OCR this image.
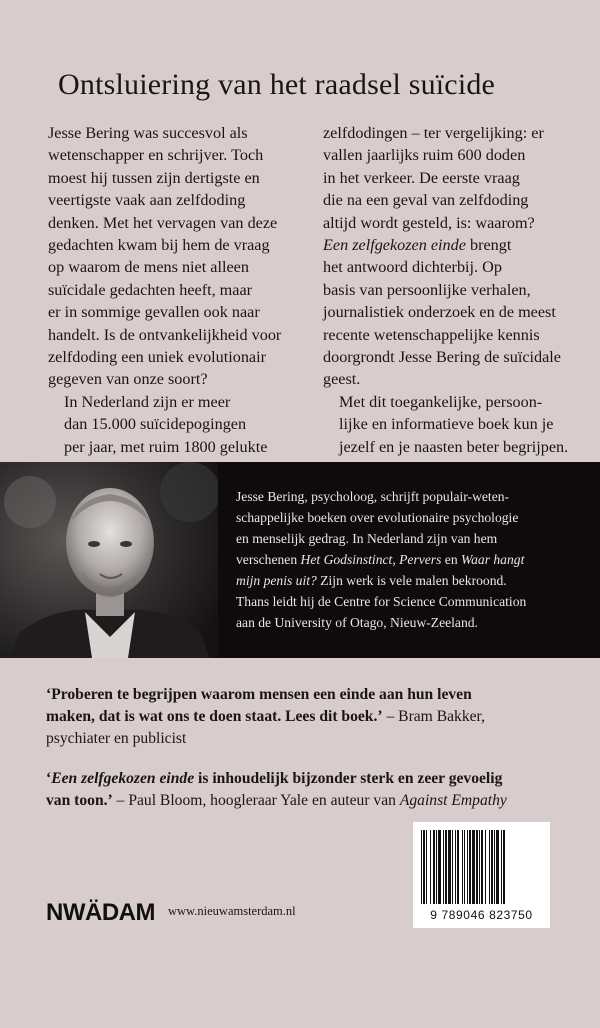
Ontsluiering van het raadsel suïcide

Jesse Bering was succesvol als
wetenschapper en schrijver. Toch
moest hij tussen zijn dertigste en
veertigste vaak aan zelfdoding
denken. Met het vervagen van deze
gedachten kwam bij hem de vraag
op waarom de mens niet alleen
suïcidale gedachten heeft, maar
er in sommige gevallen ook naar
handelt. Is de ontvankelijkheid voor
zelfdoding een uniek evolutionair
gegeven van onze soort?

In Nederland zijn er meer
dan 15.000 suïcidepogingen
per jaar, met ruim 1800 gelukte

zelfdodingen – ter vergelijking: er
vallen jaarlijks ruim 600 doden
in het verkeer. De eerste vraag
die na een geval van zelfdoding
altijd wordt gesteld, is: waarom?
Een zelfgekozen einde brengt
het antwoord dichterbij. Op
basis van persoonlijke verhalen,
journalistiek onderzoek en de meest
recente wetenschappelijke kennis
doorgrondt Jesse Bering de suïcidale
geest.

Met dit toegankelijke, persoon-
lijke en informatieve boek kun je
jezelf en je naasten beter begrijpen.

Jesse Bering, psycholoog, schrijft populair-weten-
schappelijke boeken over evolutionaire psychologie
en menselijk gedrag. In Nederland zijn van hem
verschenen Het Godsinstinct, Pervers en Waar hangt
mijn penis uit? Zijn werk is vele malen bekroond.
Thans leidt hij de Centre for Science Communication
aan de University of Otago, Nieuw-Zeeland.
‘Proberen te begrijpen waarom mensen een einde aan hun leven
maken, dat is wat ons te doen staat. Lees dit boek.’ – Bram Bakker,
psychiater en publicist
‘Een zelfgekozen einde is inhoudelijk bijzonder sterk en zeer gevoelig
van toon.’ – Paul Bloom, hoogleraar Yale en auteur van Against Empathy
NWÄDAM www.nieuwamsterdam.nl	9 789046 823750
